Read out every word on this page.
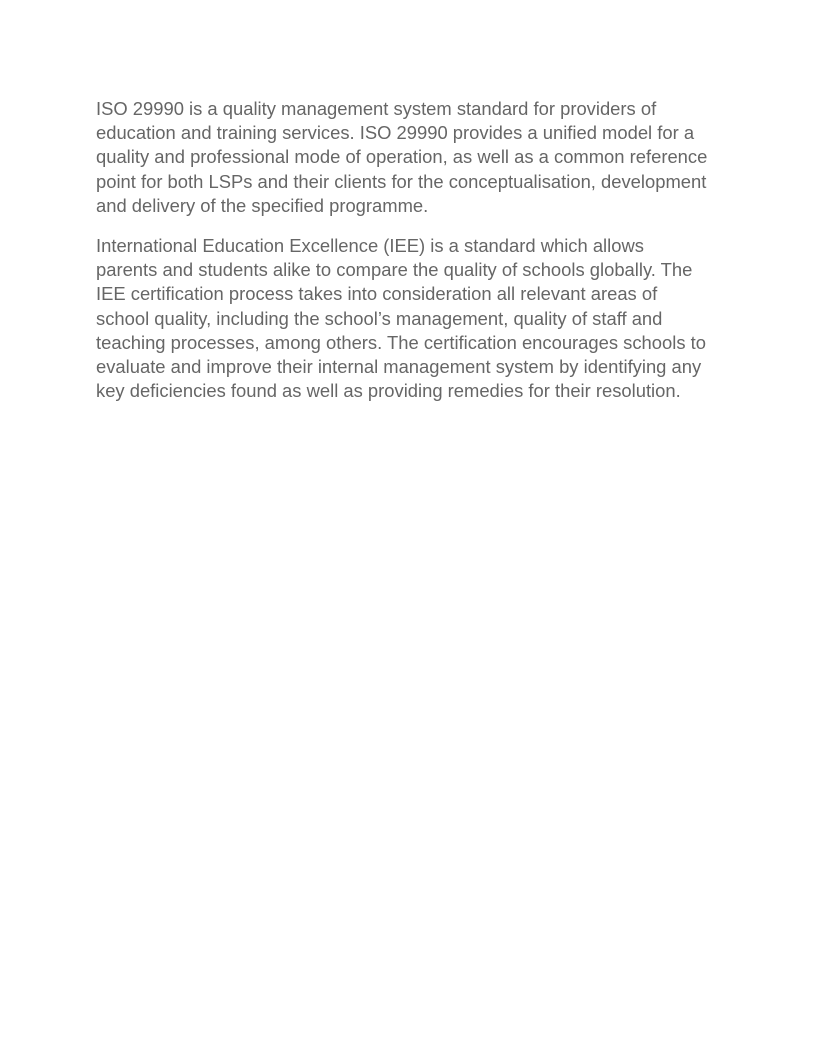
ISO 29990 is a quality management system standard for providers of education and training services. ISO 29990 provides a unified model for a quality and professional mode of operation, as well as a common reference point for both LSPs and their clients for the conceptualisation, development and delivery of the specified programme.

International Education Excellence (IEE) is a standard which allows parents and students alike to compare the quality of schools globally. The IEE certification process takes into consideration all relevant areas of school quality, including the school’s management, quality of staff and teaching processes, among others. The certification encourages schools to evaluate and improve their internal management system by identifying any key deficiencies found as well as providing remedies for their resolution.
